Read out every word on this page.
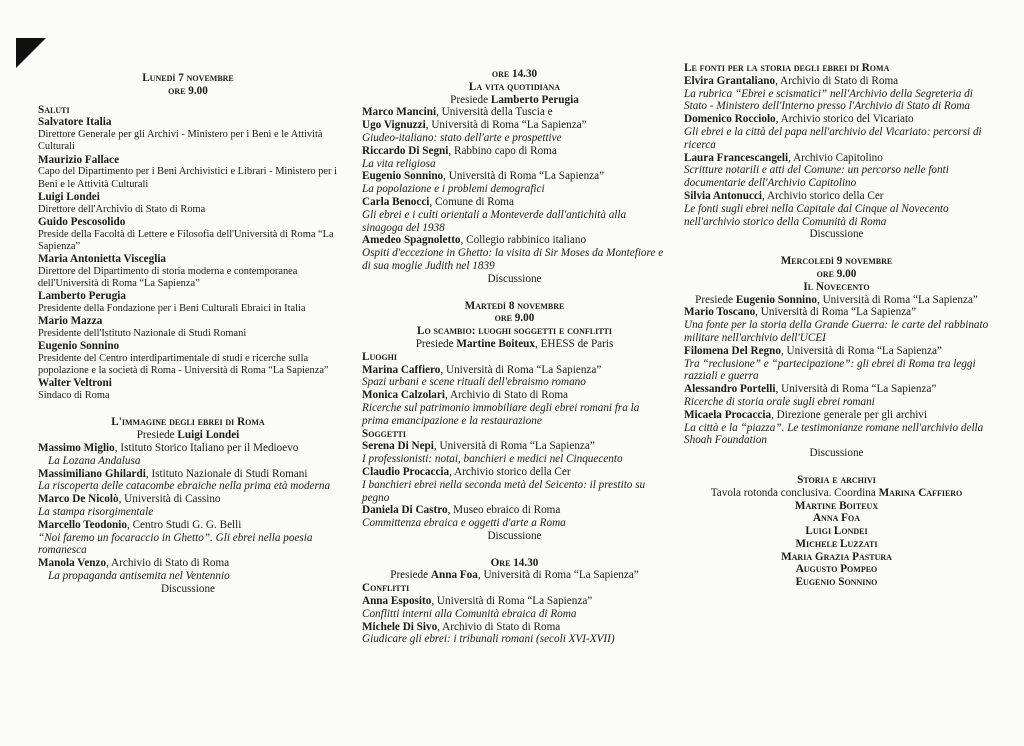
Lunedì 7 novembre

ore 9.00

Saluti

Salvatore Italia

Direttore Generale per gli Archivi - Ministero per i Beni e le Attività Culturali

Maurizio Fallace

Capo del Dipartimento per i Beni Archivistici e Librari - Ministero per i Beni e le Attività Culturali

Luigi Londei

Direttore dell'Archivio di Stato di Roma

Guido Pescosolido

Preside della Facoltà di Lettere e Filosofia dell'Università di Roma “La Sapienza”

Maria Antonietta Visceglia

Direttore del Dipartimento di storia moderna e contemporanea dell'Università di Roma “La Sapienza”

Lamberto Perugia

Presidente della Fondazione per i Beni Culturali Ebraici in Italia

Mario Mazza

Presidente dell'Istituto Nazionale di Studi Romani

Eugenio Sonnino

Presidente del Centro interdipartimentale di studi e ricerche sulla popolazione e la società di Roma - Università di Roma “La Sapienza”

Walter Veltroni

Sindaco di Roma

L'immagine degli ebrei di Roma

Presiede Luigi Londei

Massimo Miglio, Istituto Storico Italiano per il Medioevo

La Lozana Andalusa

Massimiliano Ghilardi, Istituto Nazionale di Studi Romani

La riscoperta delle catacombe ebraiche nella prima età moderna

Marco De Nicolò, Università di Cassino

La stampa risorgimentale

Marcello Teodonio, Centro Studi G. G. Belli

“Noi faremo un focaraccio in Ghetto”. Gli ebrei nella poesia romanesca

Manola Venzo, Archivio di Stato di Roma

La propaganda antisemita nel Ventennio

Discussione

ore 14.30

La vita quotidiana

Presiede Lamberto Perugia

Marco Mancini, Università della Tuscia e

Ugo Vignuzzi, Università di Roma “La Sapienza”

Giudeo-italiano: stato dell'arte e prospettive

Riccardo Di Segni, Rabbino capo di Roma

La vita religiosa

Eugenio Sonnino, Università di Roma “La Sapienza”

La popolazione e i problemi demografici

Carla Benocci, Comune di Roma

Gli ebrei e i culti orientali a Monteverde dall'antichità alla sinagoga del 1938

Amedeo Spagnoletto, Collegio rabbinico italiano

Ospiti d'eccezione in Ghetto: la visita di Sir Moses da Montefiore e di sua moglie Judith nel 1839

Discussione

Martedì 8 novembre

ore 9.00

Lo scambio: luoghi soggetti e conflitti

Presiede Martine Boiteux, EHESS de Paris

Luoghi

Marina Caffiero, Università di Roma “La Sapienza”

Spazi urbani e scene rituali dell'ebraismo romano

Monica Calzolari, Archivio di Stato di Roma

Ricerche sul patrimonio immobiliare degli ebrei romani fra la prima emancipazione e la restaurazione

Soggetti

Serena Di Nepi, Università di Roma “La Sapienza”

I professionisti: notai, banchieri e medici nel Cinquecento

Claudio Procaccia, Archivio storico della Cer

I banchieri ebrei nella seconda metà del Seicento: il prestito su pegno

Daniela Di Castro, Museo ebraico di Roma

Committenza ebraica e oggetti d'arte a Roma

Discussione

Ore 14.30

Presiede Anna Foa, Università di Roma “La Sapienza”

Conflitti

Anna Esposito, Università di Roma “La Sapienza”

Conflitti interni alla Comunità ebraica di Roma

Michele Di Sivo, Archivio di Stato di Roma

Giudicare gli ebrei: i tribunali romani (secoli XVI-XVII)

Le fonti per la storia degli ebrei di Roma

Elvira Grantaliano, Archivio di Stato di Roma

La rubrica “Ebrei e scismatici” nell'Archivio della Segreteria di Stato - Ministero dell'Interno presso l'Archivio di Stato di Roma

Domenico Rocciolo, Archivio storico del Vicariato

Gli ebrei e la città del papa nell'archivio del Vicariato: percorsi di ricerca

Laura Francescangeli, Archivio Capitolino

Scritture notarili e atti del Comune: un percorso nelle fonti documentarie dell'Archivio Capitolino

Silvia Antonucci, Archivio storico della Cer

Le fonti sugli ebrei nella Capitale dal Cinque al Novecento nell'archivio storico della Comunità di Roma

Discussione

Mercoledì 9 novembre

ore 9.00

Il Novecento

Presiede Eugenio Sonnino, Università di Roma “La Sapienza”

Mario Toscano, Università di Roma “La Sapienza”

Una fonte per la storia della Grande Guerra: le carte del rabbinato militare nell'archivio dell'UCEI

Filomena Del Regno, Università di Roma “La Sapienza”

Tra “reclusione” e “partecipazione”: gli ebrei di Roma tra leggi razziali e guerra

Alessandro Portelli, Università di Roma “La Sapienza”

Ricerche di storia orale sugli ebrei romani

Micaela Procaccia, Direzione generale per gli archivi

La città e la “piazza”. Le testimonianze romane nell'archivio della Shoah Foundation

Discussione

Storia e archivi

Tavola rotonda conclusiva. Coordina Marina Caffiero

Martine Boiteux

Anna Foa

Luigi Londei

Michele Luzzati

Maria Grazia Pastura

Augusto Pompeo

Eugenio Sonnino
